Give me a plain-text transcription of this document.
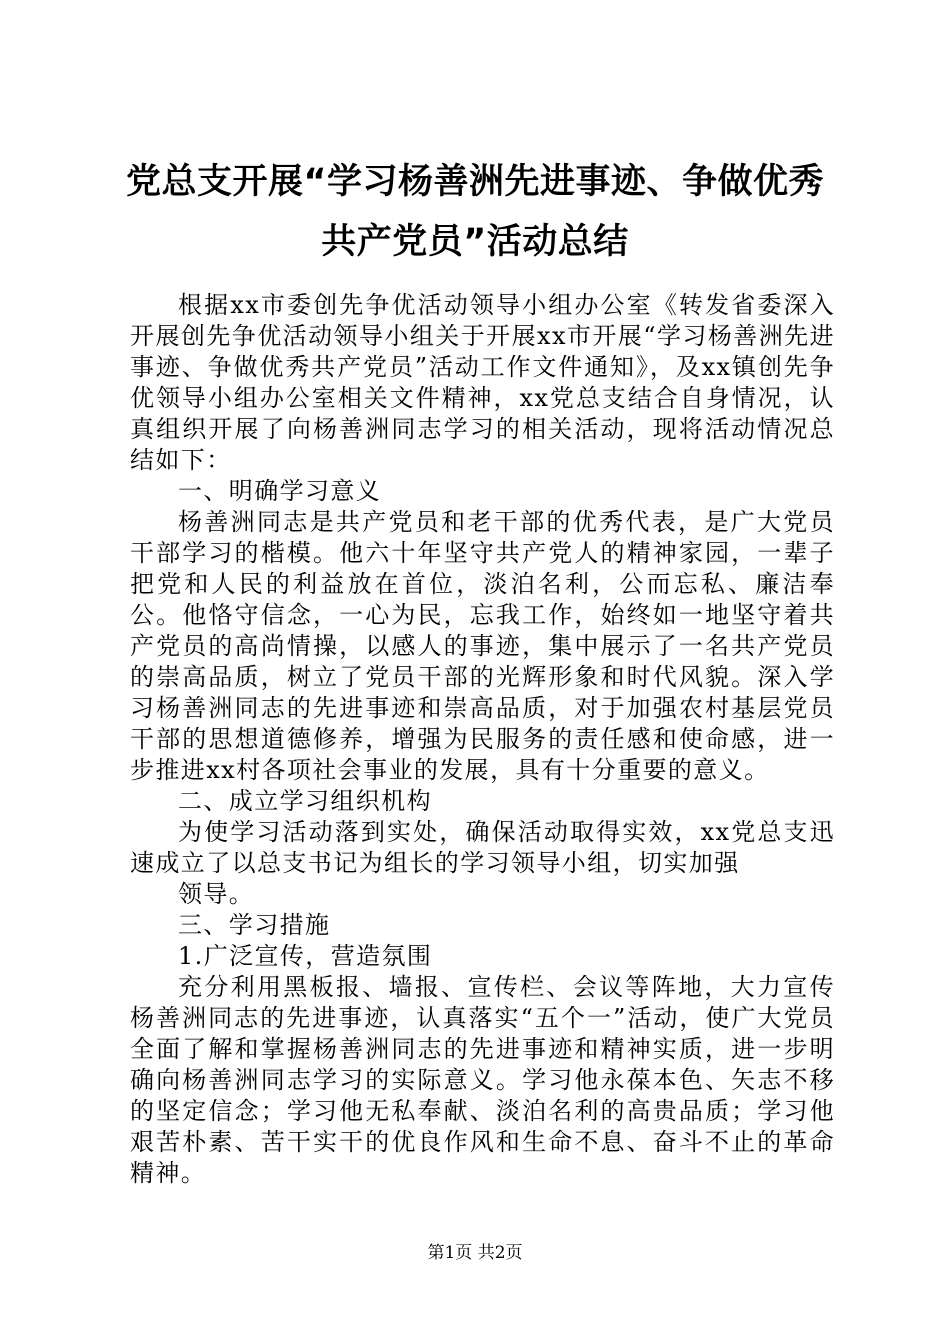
党总支开展“学习杨善洲先进事迹、争做优秀
共产党员”活动总结

根据xx市委创先争优活动领导小组办公室《转发省委深入开展创先争优活动领导小组关于开展xx市开展“学习杨善洲先进事迹、争做优秀共产党员”活动工作文件通知》，及xx镇创先争优领导小组办公室相关文件精神，xx党总支结合自身情况，认真组织开展了向杨善洲同志学习的相关活动，现将活动情况总结如下：

一、明确学习意义

杨善洲同志是共产党员和老干部的优秀代表，是广大党员干部学习的楷模。他六十年坚守共产党人的精神家园，一辈子把党和人民的利益放在首位，淡泊名利，公而忘私、廉洁奉公。他恪守信念，一心为民，忘我工作，始终如一地坚守着共产党员的高尚情操，以感人的事迹，集中展示了一名共产党员的崇高品质，树立了党员干部的光辉形象和时代风貌。深入学习杨善洲同志的先进事迹和崇高品质，对于加强农村基层党员干部的思想道德修养，增强为民服务的责任感和使命感，进一步推进xx村各项社会事业的发展，具有十分重要的意义。

二、成立学习组织机构

为使学习活动落到实处，确保活动取得实效，xx党总支迅速成立了以总支书记为组长的学习领导小组，切实加强

领导。

三、学习措施

1.广泛宣传，营造氛围

充分利用黑板报、墙报、宣传栏、会议等阵地，大力宣传杨善洲同志的先进事迹，认真落实“五个一”活动，使广大党员全面了解和掌握杨善洲同志的先进事迹和精神实质，进一步明确向杨善洲同志学习的实际意义。学习他永葆本色、矢志不移的坚定信念；学习他无私奉献、淡泊名利的高贵品质；学习他艰苦朴素、苦干实干的优良作风和生命不息、奋斗不止的革命精神。

第1页 共2页
